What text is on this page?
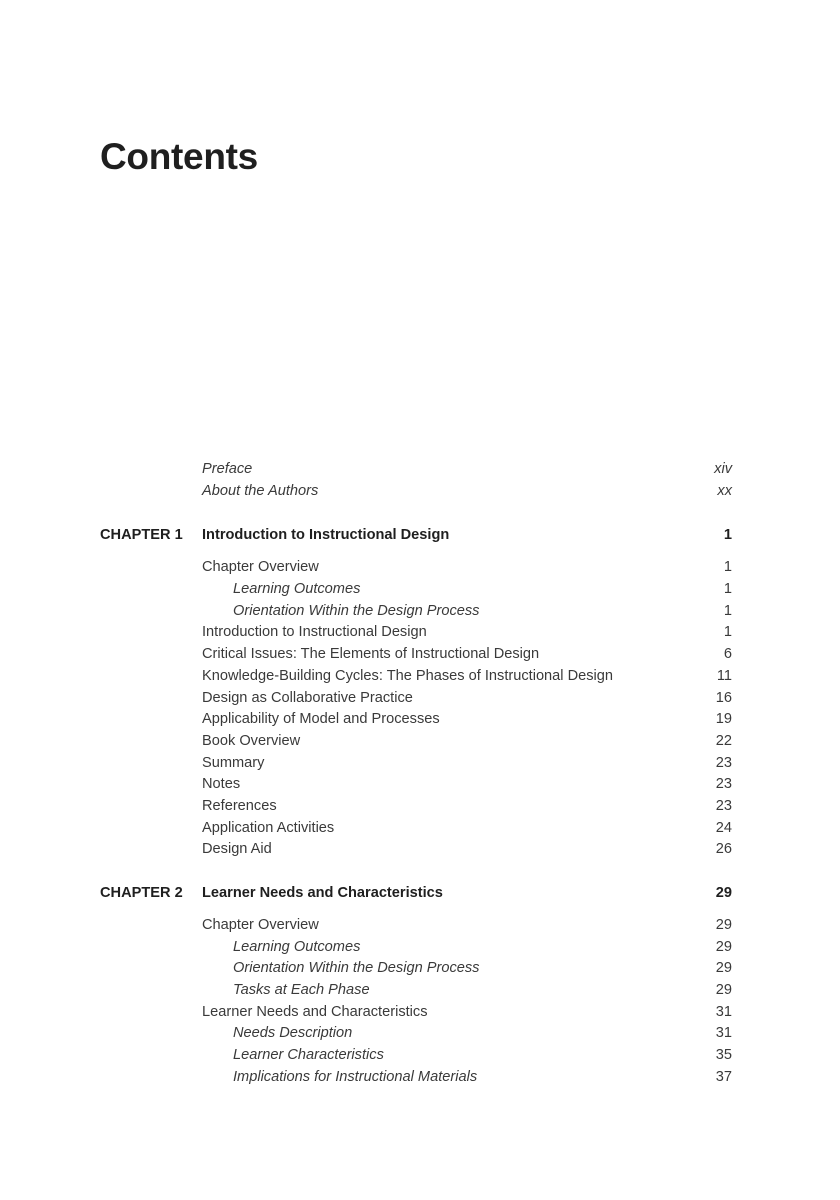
Contents
Preface	xiv
About the Authors	xx
CHAPTER 1 Introduction to Instructional Design	1
Chapter Overview	1
Learning Outcomes	1
Orientation Within the Design Process	1
Introduction to Instructional Design	1
Critical Issues: The Elements of Instructional Design	6
Knowledge-Building Cycles: The Phases of Instructional Design	11
Design as Collaborative Practice	16
Applicability of Model and Processes	19
Book Overview	22
Summary	23
Notes	23
References	23
Application Activities	24
Design Aid	26
CHAPTER 2 Learner Needs and Characteristics	29
Chapter Overview	29
Learning Outcomes	29
Orientation Within the Design Process	29
Tasks at Each Phase	29
Learner Needs and Characteristics	31
Needs Description	31
Learner Characteristics	35
Implications for Instructional Materials	37
